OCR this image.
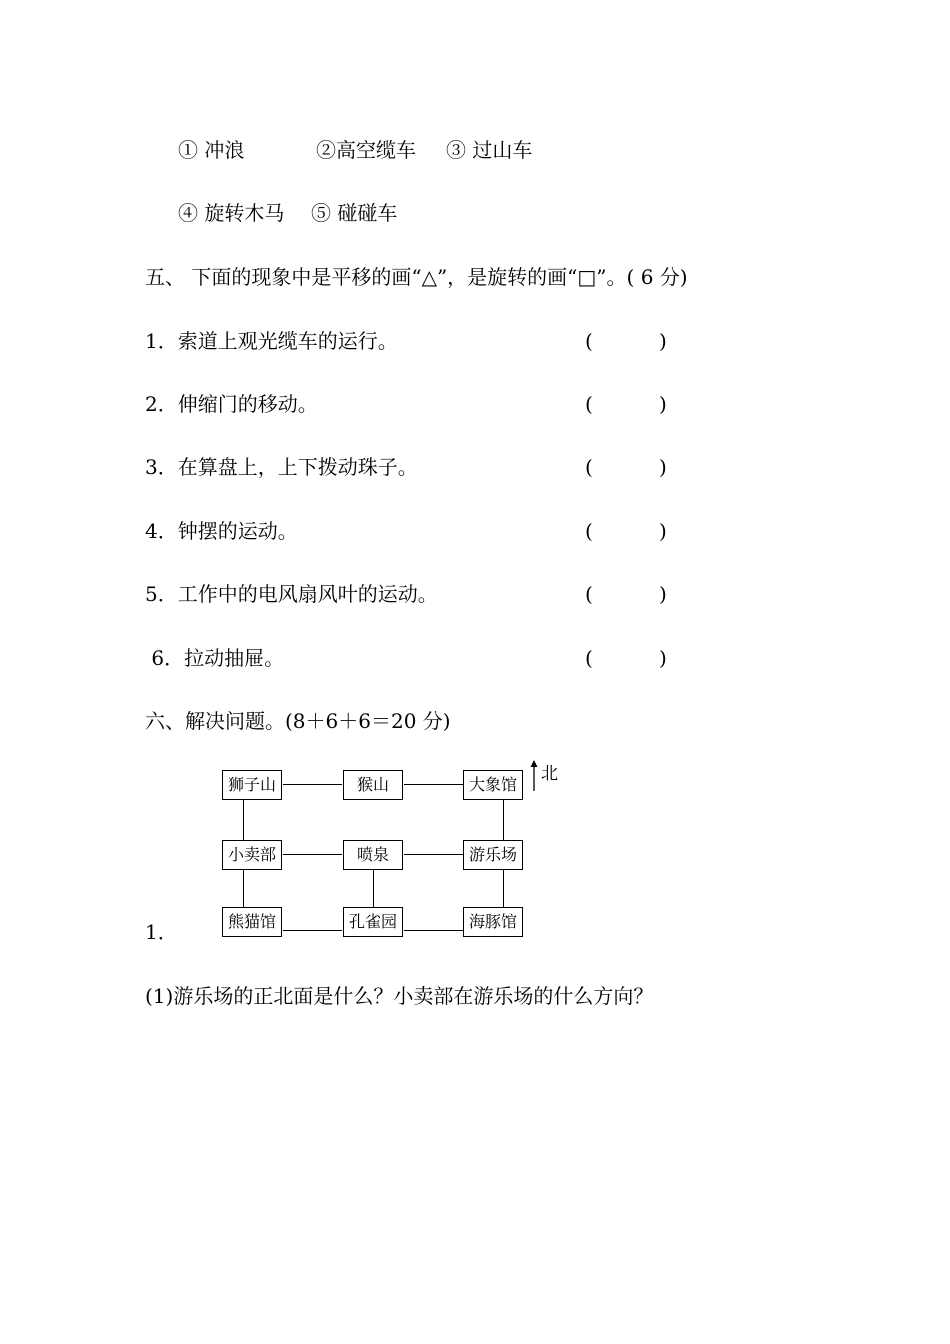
① 冲浪	②高空缆车 ③ 过山车
④ 旋转木马 ⑤ 碰碰车
五、 下面的现象中是平移的画“△”，是旋转的画“□”。( 6 分)
1．索道上观光缆车的运行。	(	)
2．伸缩门的移动。	(	)
3．在算盘上，上下拨动珠子。	(	)
4．钟摆的运动。	(	)
5．工作中的电风扇风叶的运动。	(	)
6．拉动抽屉。	(	)
六、解决问题。(8＋6＋6＝20 分)
1．
狮子山	猴山	大象馆
小卖部	喷泉	游乐场
熊猫馆	孔雀园	海豚馆
北
(1)游乐场的正北面是什么？小卖部在游乐场的什么方向？
